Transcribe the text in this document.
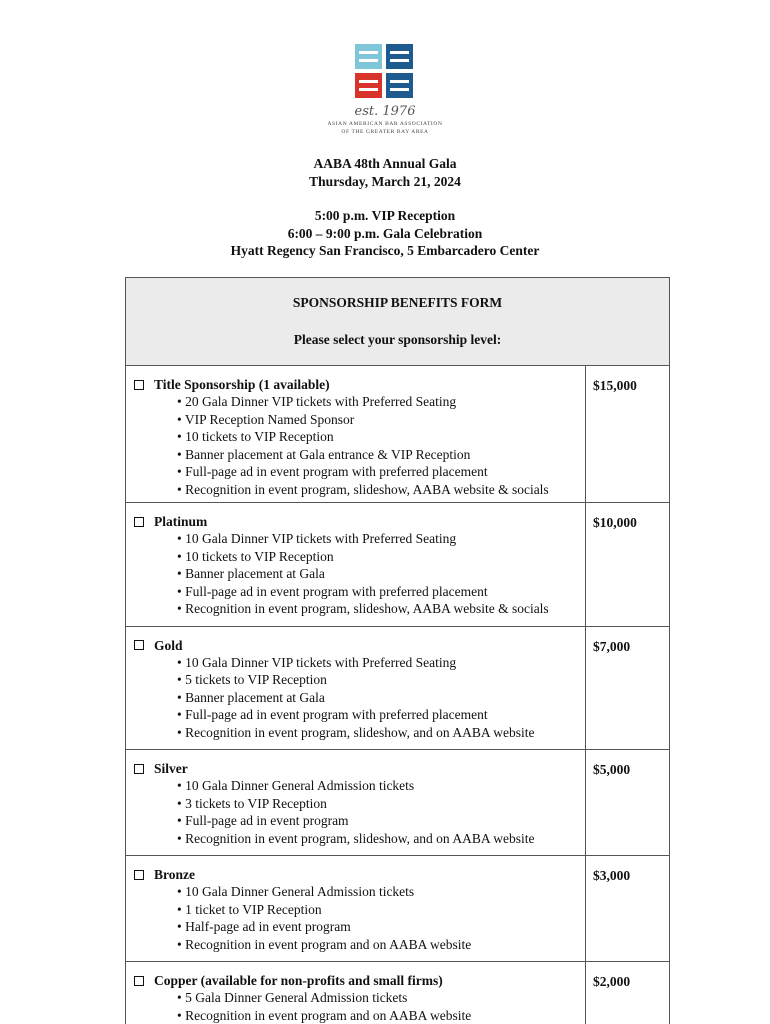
est. 1976
ASIAN AMERICAN BAR ASSOCIATION
OF THE GREATER BAY AREA
AABA 48th Annual Gala
Thursday, March 21, 2024
5:00 p.m. VIP Reception
6:00 – 9:00 p.m. Gala Celebration
Hyatt Regency San Francisco, 5 Embarcadero Center
SPONSORSHIP BENEFITS FORM
Please select your sponsorship level:
Title Sponsorship (1 available)
• 20 Gala Dinner VIP tickets with Preferred Seating
• VIP Reception Named Sponsor
• 10 tickets to VIP Reception
• Banner placement at Gala entrance & VIP Reception
• Full-page ad in event program with preferred placement
• Recognition in event program, slideshow, AABA website & socials
$15,000
Platinum
• 10 Gala Dinner VIP tickets with Preferred Seating
• 10 tickets to VIP Reception
• Banner placement at Gala
• Full-page ad in event program with preferred placement
• Recognition in event program, slideshow, AABA website & socials
$10,000
Gold
• 10 Gala Dinner VIP tickets with Preferred Seating
• 5 tickets to VIP Reception
• Banner placement at Gala
• Full-page ad in event program with preferred placement
• Recognition in event program, slideshow, and on AABA website
$7,000
Silver
• 10 Gala Dinner General Admission tickets
• 3 tickets to VIP Reception
• Full-page ad in event program
• Recognition in event program, slideshow, and on AABA website
$5,000
Bronze
• 10 Gala Dinner General Admission tickets
• 1 ticket to VIP Reception
• Half-page ad in event program
• Recognition in event program and on AABA website
$3,000
Copper (available for non-profits and small firms)
• 5 Gala Dinner General Admission tickets
• Recognition in event program and on AABA website
$2,000
